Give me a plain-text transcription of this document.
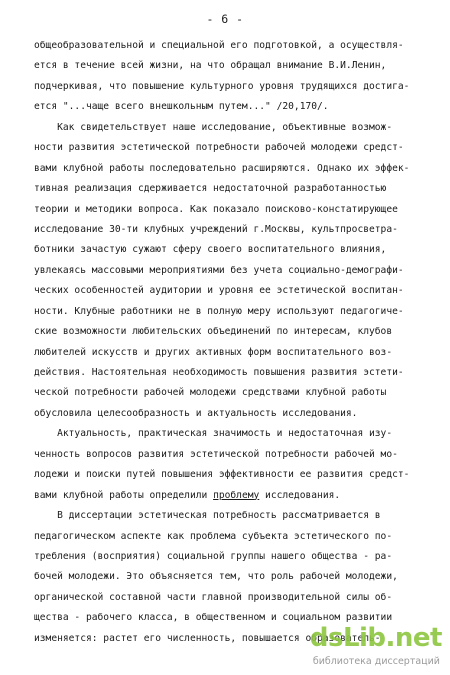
- 6 -
общеобразовательной и специальной его подготовкой, а осуществля-
ется в течение всей жизни, на что обращал внимание В.И.Ленин,
подчеркивая, что повышение культурного уровня трудящихся достига-
ется "...чаще всего внешкольным путем..." /20,170/.
Как свидетельствует наше исследование, объективные возмож-
ности развития эстетической потребности рабочей молодежи средст-
вами клубной работы последовательно расширяются. Однако их эффек-
тивная реализация сдерживается недостаточной разработанностью
теории и методики вопроса. Как показало поисково-констатирующее
исследование 30-ти клубных учреждений г.Москвы, культпросветра-
ботники зачастую сужают сферу своего воспитательного влияния,
увлекаясь массовыми мероприятиями без учета социально-демографи-
ческих особенностей аудитории и уровня ее эстетической воспитан-
ности. Клубные работники не в полную меру используют педагогиче-
ские возможности любительских объединений по интересам, клубов
любителей искусств и других активных форм воспитательного воз-
действия. Настоятельная необходимость повышения развития эстети-
ческой потребности рабочей молодежи средствами клубной работы
обусловила целесообразность и актуальность исследования.
Актуальность, практическая значимость и недостаточная изу-
ченность вопросов развития эстетической потребности рабочей мо-
лодежи и поиски путей повышения эффективности ее развития средст-
вами клубной работы определили проблему исследования.
В диссертации эстетическая потребность рассматривается в
педагогическом аспекте как проблема субъекта эстетического по-
требления (восприятия) социальной группы нашего общества - ра-
бочей молодежи. Это объясняется тем, что роль рабочей молодежи,
органической составной части главной производительной силы об-
щества - рабочего класса, в общественном и социальном развитии
изменяется: растет его численность, повышается образователь-
dsLib.net
библиотека диссертаций
